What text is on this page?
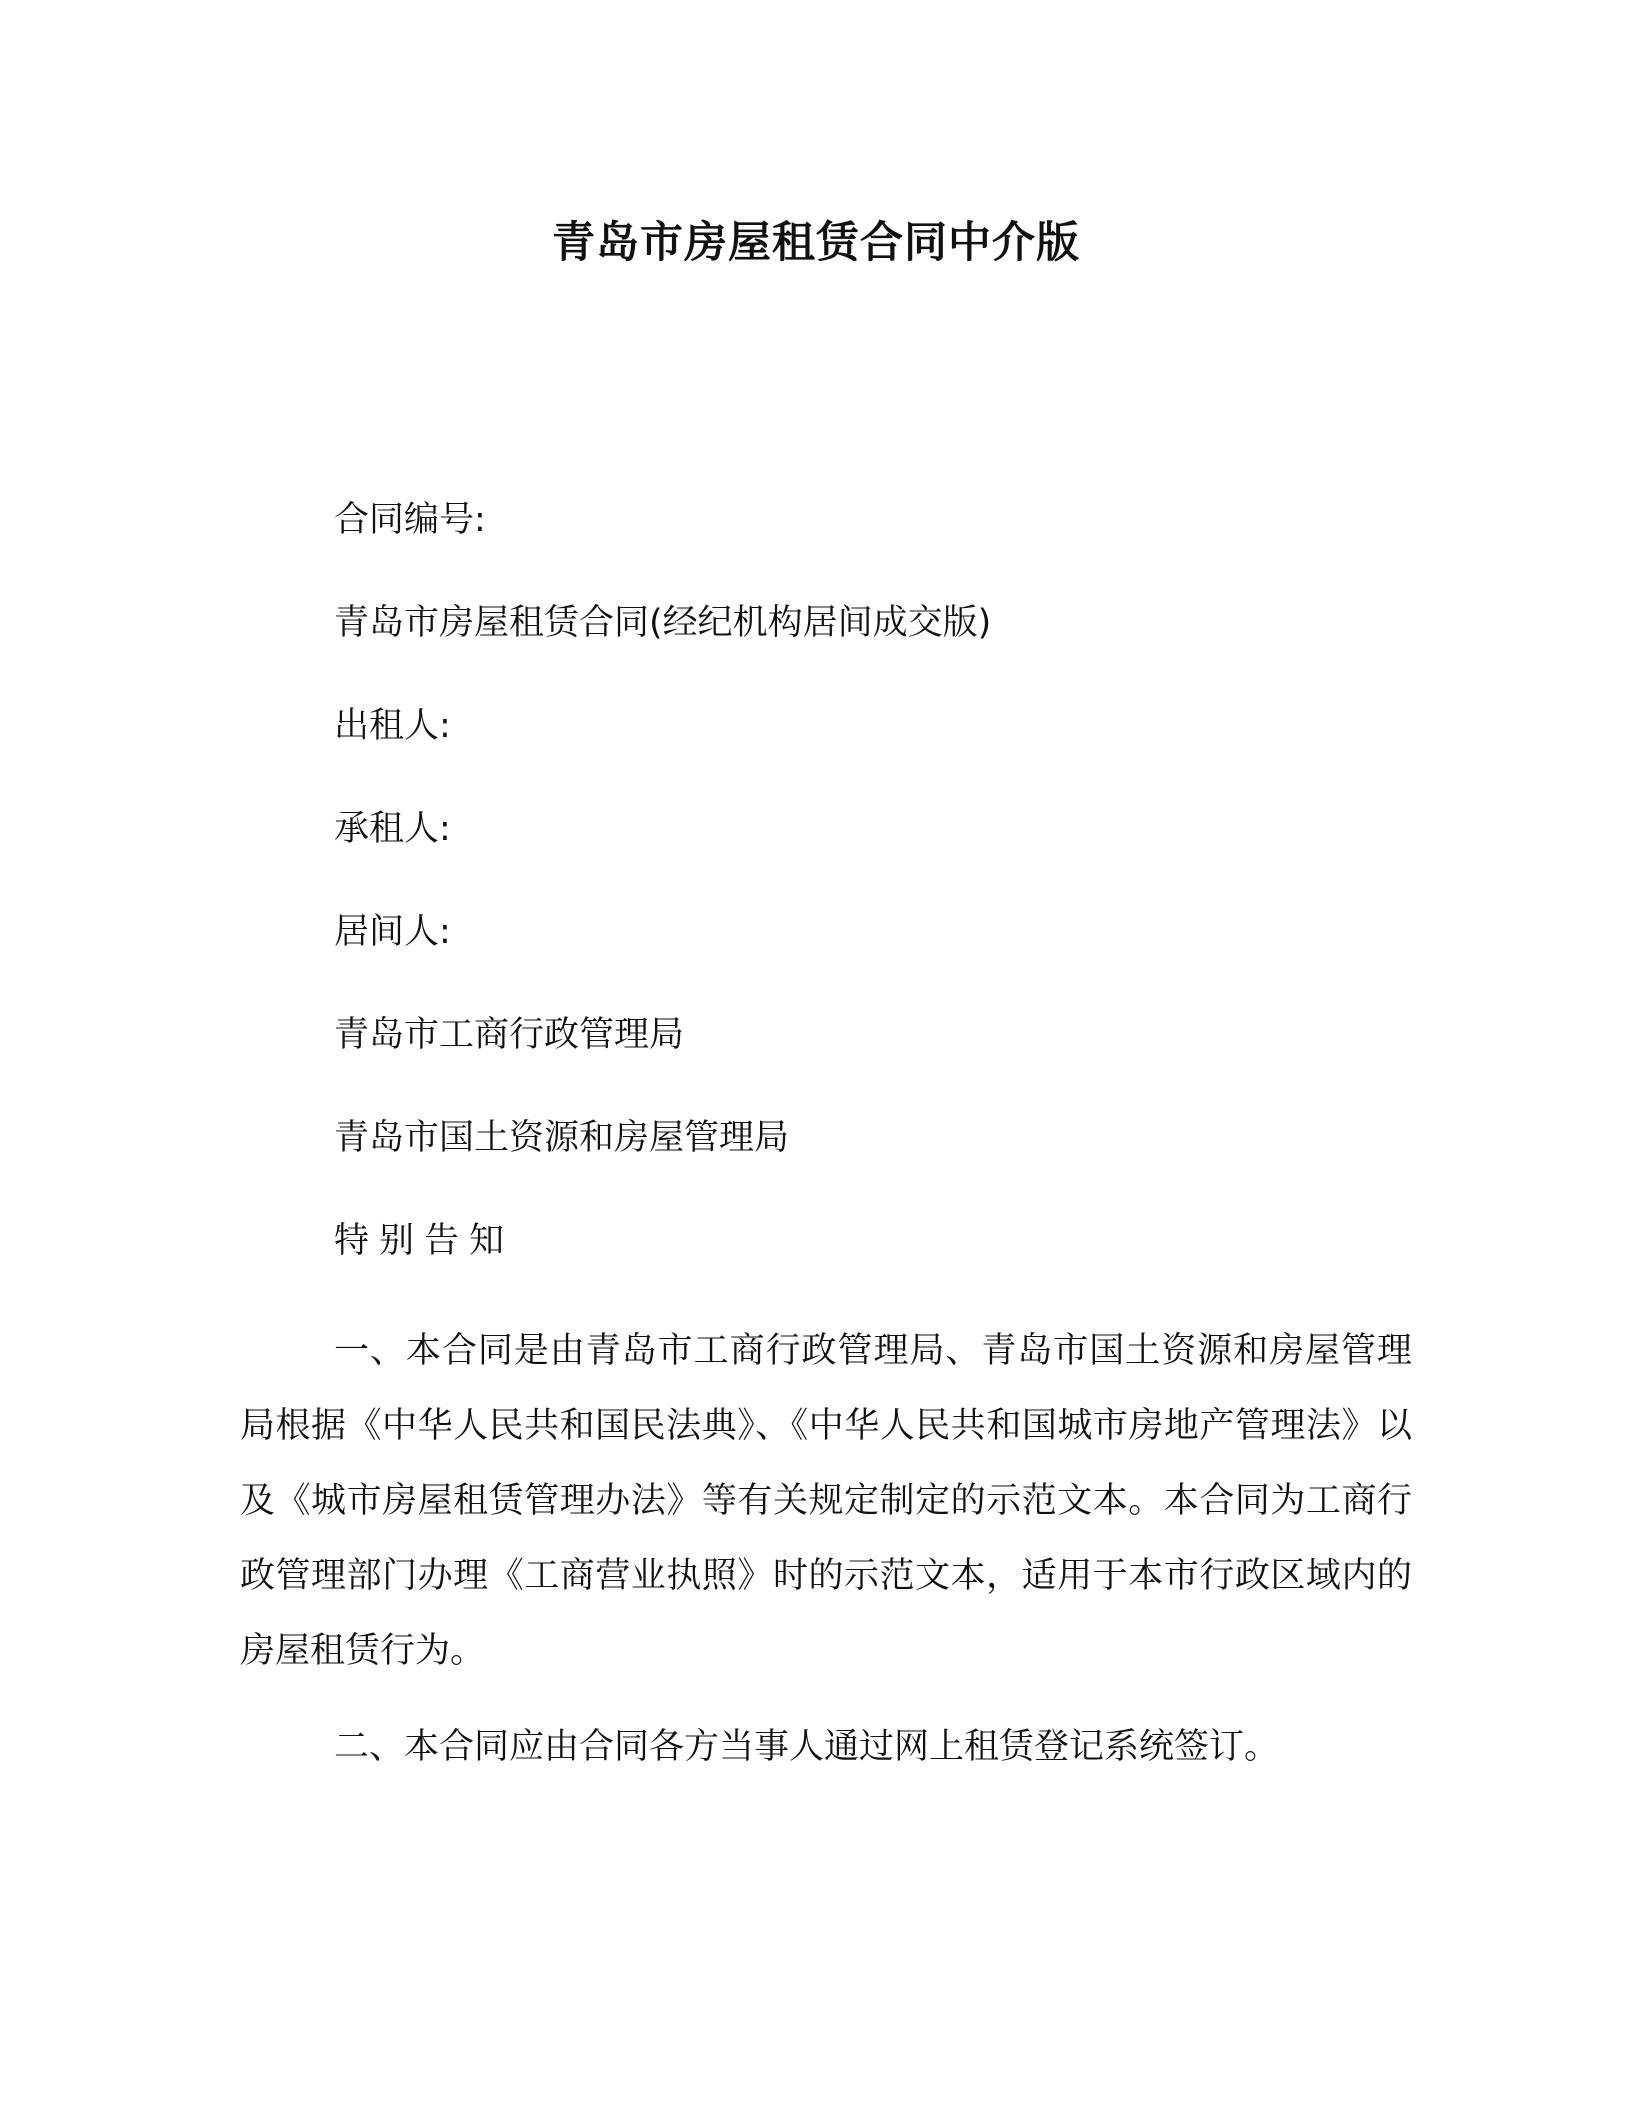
青岛市房屋租赁合同中介版
合同编号:
青岛市房屋租赁合同(经纪机构居间成交版)
出租人:
承租人:
居间人:
青岛市工商行政管理局
青岛市国土资源和房屋管理局
特别告知
一、本合同是由青岛市工商行政管理局、青岛市国土资源和房屋管理局根据《中华人民共和国民法典》、《中华人民共和国城市房地产管理法》以及《城市房屋租赁管理办法》等有关规定制定的示范文本。本合同为工商行政管理部门办理《工商营业执照》时的示范文本，适用于本市行政区域内的房屋租赁行为。
二、本合同应由合同各方当事人通过网上租赁登记系统签订。
